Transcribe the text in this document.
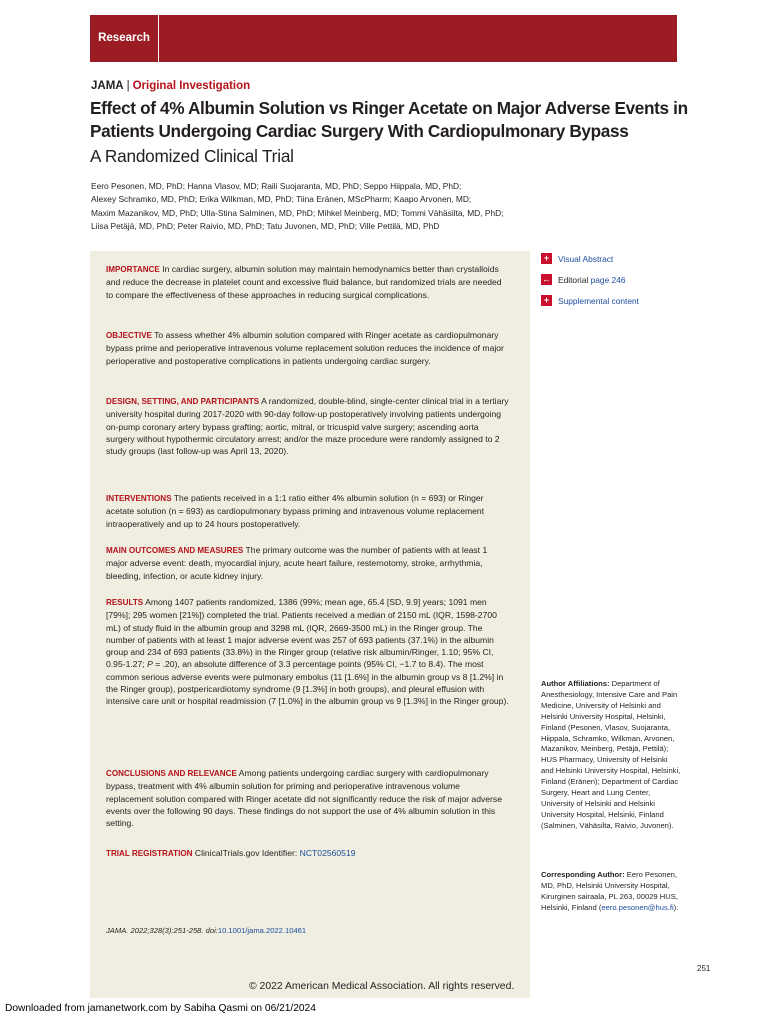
Research
JAMA | Original Investigation
Effect of 4% Albumin Solution vs Ringer Acetate on Major Adverse Events in Patients Undergoing Cardiac Surgery With Cardiopulmonary Bypass
A Randomized Clinical Trial
Eero Pesonen, MD, PhD; Hanna Vlasov, MD; Raili Suojaranta, MD, PhD; Seppo Hiippala, MD, PhD;
Alexey Schramko, MD, PhD; Erika Wilkman, MD, PhD; Tiina Eränen, MScPharm; Kaapo Arvonen, MD;
Maxim Mazanikov, MD, PhD; Ulla-Stina Salminen, MD, PhD; Mihkel Meinberg, MD; Tommi Vähäsilta, MD, PhD;
Liisa Petäjä, MD, PhD; Peter Raivio, MD, PhD; Tatu Juvonen, MD, PhD; Ville Pettilä, MD, PhD
+	Visual Abstract
← Editorial page 246
+	Supplemental content

IMPORTANCE In cardiac surgery, albumin solution may maintain hemodynamics better than crystalloids and reduce the decrease in platelet count and excessive fluid balance, but randomized trials are needed to compare the effectiveness of these approaches in reducing surgical complications.

OBJECTIVE To assess whether 4% albumin solution compared with Ringer acetate as cardiopulmonary bypass prime and perioperative intravenous volume replacement solution reduces the incidence of major perioperative and postoperative complications in patients undergoing cardiac surgery.

DESIGN, SETTING, AND PARTICIPANTS A randomized, double-blind, single-center clinical trial in a tertiary university hospital during 2017-2020 with 90-day follow-up postoperatively involving patients undergoing on-pump coronary artery bypass grafting; aortic, mitral, or tricuspid valve surgery; ascending aorta surgery without hypothermic circulatory arrest; and/or the maze procedure were randomly assigned to 2 study groups (last follow-up was April 13, 2020).

INTERVENTIONS The patients received in a 1:1 ratio either 4% albumin solution (n = 693) or Ringer acetate solution (n = 693) as cardiopulmonary bypass priming and intravenous volume replacement intraoperatively and up to 24 hours postoperatively.

MAIN OUTCOMES AND MEASURES The primary outcome was the number of patients with at least 1 major adverse event: death, myocardial injury, acute heart failure, resternotomy, stroke, arrhythmia, bleeding, infection, or acute kidney injury.

RESULTS Among 1407 patients randomized, 1386 (99%; mean age, 65.4 [SD, 9.9] years; 1091 men [79%]; 295 women [21%]) completed the trial. Patients received a median of 2150 mL (IQR, 1598-2700 mL) of study fluid in the albumin group and 3298 mL (IQR, 2669-3500 mL) in the Ringer group. The number of patients with at least 1 major adverse event was 257 of 693 patients (37.1%) in the albumin group and 234 of 693 patients (33.8%) in the Ringer group (relative risk albumin/Ringer, 1.10; 95% CI, 0.95-1.27; P = .20), an absolute difference of 3.3 percentage points (95% CI, −1.7 to 8.4). The most common serious adverse events were pulmonary embolus (11 [1.6%] in the albumin group vs 8 [1.2%] in the Ringer group), postpericardiotomy syndrome (9 [1.3%] in both groups), and pleural effusion with intensive care unit or hospital readmission (7 [1.0%] in the albumin group vs 9 [1.3%] in the Ringer group).

CONCLUSIONS AND RELEVANCE Among patients undergoing cardiac surgery with cardiopulmonary bypass, treatment with 4% albumin solution for priming and perioperative intravenous volume replacement solution compared with Ringer acetate did not significantly reduce the risk of major adverse events over the following 90 days. These findings do not support the use of 4% albumin solution in this setting.

TRIAL REGISTRATION ClinicalTrials.gov Identifier: NCT02560519

JAMA. 2022;328(3):251-258. doi:10.1001/jama.2022.10461
Author Affiliations: Department of Anesthesiology, Intensive Care and Pain Medicine, University of Helsinki and Helsinki University Hospital, Helsinki, Finland (Pesonen, Vlasov, Suojaranta, Hiippala, Schramko, Wilkman, Arvonen, Mazanikov, Meinberg, Petäjä, Pettilä); HUS Pharmacy, University of Helsinki and Helsinki University Hospital, Helsinki, Finland (Eränen); Department of Cardiac Surgery, Heart and Lung Center, University of Helsinki and Helsinki University Hospital, Helsinki, Finland (Salminen, Vähäsilta, Raivio, Juvonen).
Corresponding Author: Eero Pesonen, MD, PhD, Helsinki University Hospital, Kirurginen sairaala, PL 263, 00029 HUS, Helsinki, Finland (eero.pesonen@hus.fi).
251
© 2022 American Medical Association. All rights reserved.
Downloaded from jamanetwork.com by Sabiha Qasmi on 06/21/2024
